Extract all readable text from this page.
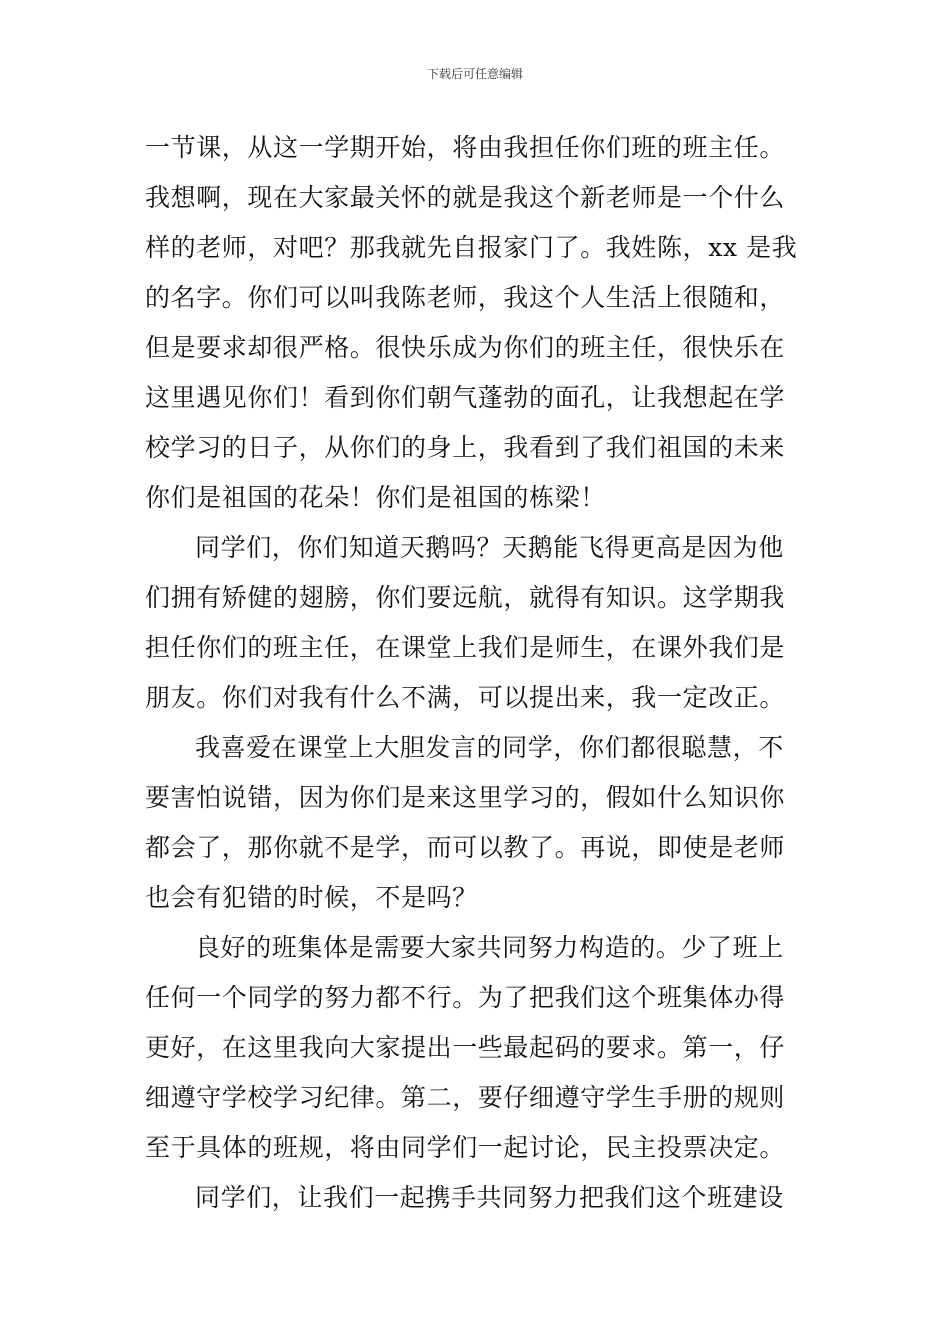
下载后可任意编辑
一节课，从这一学期开始，将由我担任你们班的班主任。
我想啊，现在大家最关怀的就是我这个新老师是一个什么
样的老师，对吧？那我就先自报家门了。我姓陈，xx 是我
的名字。你们可以叫我陈老师，我这个人生活上很随和，
但是要求却很严格。很快乐成为你们的班主任，很快乐在
这里遇见你们！看到你们朝气蓬勃的面孔，让我想起在学
校学习的日子，从你们的身上，我看到了我们祖国的未来
你们是祖国的花朵！你们是祖国的栋梁！
同学们，你们知道天鹅吗？天鹅能飞得更高是因为他
们拥有矫健的翅膀，你们要远航，就得有知识。这学期我
担任你们的班主任，在课堂上我们是师生，在课外我们是
朋友。你们对我有什么不满，可以提出来，我一定改正。
我喜爱在课堂上大胆发言的同学，你们都很聪慧，不
要害怕说错，因为你们是来这里学习的，假如什么知识你
都会了，那你就不是学，而可以教了。再说，即使是老师
也会有犯错的时候，不是吗？
良好的班集体是需要大家共同努力构造的。少了班上
任何一个同学的努力都不行。为了把我们这个班集体办得
更好，在这里我向大家提出一些最起码的要求。第一，仔
细遵守学校学习纪律。第二，要仔细遵守学生手册的规则
至于具体的班规，将由同学们一起讨论，民主投票决定。
同学们，让我们一起携手共同努力把我们这个班建设
